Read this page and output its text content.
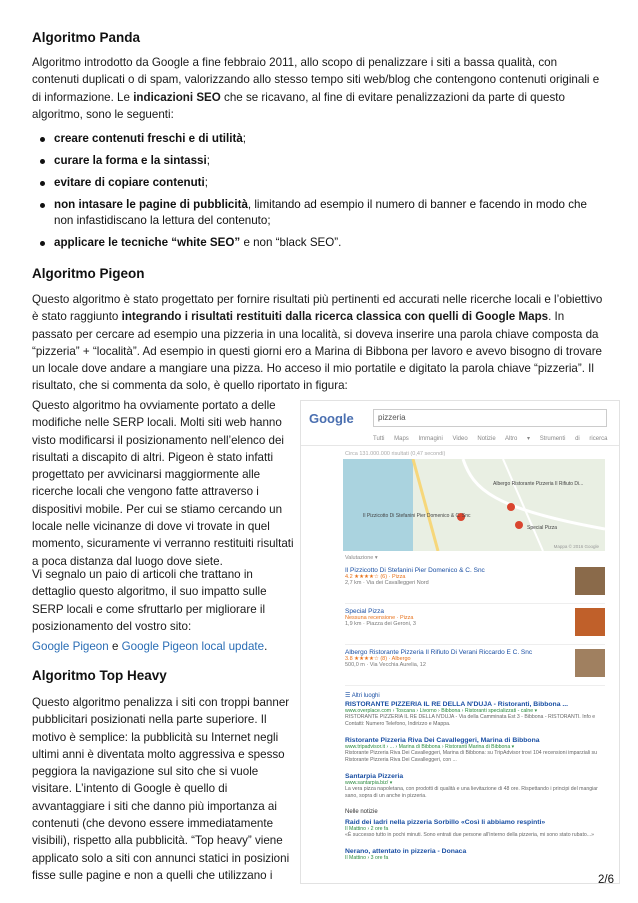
Algoritmo Panda
Algoritmo introdotto da Google a fine febbraio 2011, allo scopo di penalizzare i siti a bassa qualità, con contenuti duplicati o di spam, valorizzando allo stesso tempo siti web/blog che contengono contenuti originali e di informazione. Le indicazioni SEO che se ricavano, al fine di evitare penalizzazioni da parte di questo algoritmo, sono le seguenti:
creare contenuti freschi e di utilità;
curare la forma e la sintassi;
evitare di copiare contenuti;
non intasare le pagine di pubblicità, limitando ad esempio il numero di banner e facendo in modo che non infastidiscano la lettura del contenuto;
applicare le tecniche “white SEO” e non “black SEO”.
Algoritmo Pigeon
Questo algoritmo è stato progettato per fornire risultati più pertinenti ed accurati nelle ricerche locali e l’obiettivo è stato raggiunto integrando i risultati restituiti dalla ricerca classica con quelli di Google Maps. In passato per cercare ad esempio una pizzeria in una località, si doveva inserire una parola chiave composta da “pizzeria” + “località”. Ad esempio in questi giorni ero a Marina di Bibbona per lavoro e avevo bisogno di trovare un locale dove andare a mangiare una pizza. Ho acceso il mio portatile e digitato la parola chiave “pizzeria”. Il risultato, che si commenta da solo, è quello riportato in figura:
Questo algoritmo ha ovviamente portato a delle modifiche nelle SERP locali. Molti siti web hanno visto modificarsi il posizionamento nell’elenco dei risultati a discapito di altri. Pigeon è stato infatti progettato per avvicinarsi maggiormente alle ricerche locali che vengono fatte attraverso i dispositivi mobile. Per cui se stiamo cercando un locale nelle vicinanze di dove vi trovate in quel momento, sicuramente vi verranno restituiti risultati a poca distanza dal luogo dove siete.
Vi segnalo un paio di articoli che trattano in dettaglio questo algoritmo, il suo impatto sulle SERP locali e come sfruttarlo per migliorare il posizionamento del vostro sito:
Google Pigeon e Google Pigeon local update.
Algoritmo Top Heavy
Questo algoritmo penalizza i siti con troppi banner pubblicitari posizionati nella parte superiore. Il motivo è semplice: la pubblicità su Internet negli ultimi anni è diventata molto aggressiva e spesso peggiora la navigazione sul sito che si vuole visitare. L’intento di Google è quello di avvantaggiare i siti che danno più importanza ai contenuti (che devono essere immediatamente visibili), rispetto alla pubblicità. “Top heavy” viene applicato solo a siti con annunci statici in posizioni fisse sulle pagine e non a quelli che utilizzano i
Google	pizzeria
Tutti Maps Immagini Video Notizie Altro ▾ Strumenti di ricerca
Circa 131.000.000 risultati (0,47 secondi)
Albergo Ristorante Pizzeria Il Rifiuto Di...
Il Pizzicotto Di Stefanini Pier Domenico & C. Snc
Special Pizza
Mappa © 2016 Google
Valutazione ▾
Il Pizzicotto Di Stefanini Pier Domenico & C. Snc
4.2 ★★★★☆ (6) · Pizza
2,7 km · Via dei Cavalleggeri Nord
Special Pizza
Nessuna recensione · Pizza
1,9 km · Piazza dei Geroni, 3
Albergo Ristorante Pizzeria Il Rifiuto Di Verani Riccardo E C. Snc
3.8 ★★★★☆ (8) · Albergo
500,0 m · Via Vecchia Aurelia, 12
☰ Altri luoghi
RISTORANTE PIZZERIA IL RE DELLA N'DUJA - Ristoranti, Bibbona ...
www.overplace.com › Toscana › Livorno › Bibbona › Ristoranti specializzati - calne ▾
RISTORANTE PIZZERIA IL RE DELLA N'DUJA - Via della Camminata Est 3 - Bibbona - RISTORANTI. Info e Contatti: Numero Telefono, Indirizzo e Mappa.
Ristorante Pizzeria Riva Dei Cavalleggeri, Marina di Bibbona
www.tripadvisor.it › ... › Marina di Bibbona › Ristoranti Marina di Bibbona ▾
Ristorante Pizzeria Riva Dei Cavalleggeri, Marina di Bibbona: su TripAdvisor trovi 104 recensioni imparziali su Ristorante Pizzeria Riva Dei Cavalleggeri, con ...
Santarpia Pizzeria
www.santarpia.biz/ ▾
La vera pizza napoletana, con prodotti di qualità e una lievitazione di 48 ore. Rispettando i principi del mangiar sano, sopra di un anche in pizzeria.
Nelle notizie
Raid dei ladri nella pizzeria Sorbillo «Così li abbiamo respinti»
Il Mattino › 2 ore fa
«È successo tutto in pochi minuti. Sono entrati due persone all'interno della pizzeria, mi sono stato rubato...»
Nerano, attentato in pizzeria - Donaca
Il Mattino › 3 ore fa
2/6
